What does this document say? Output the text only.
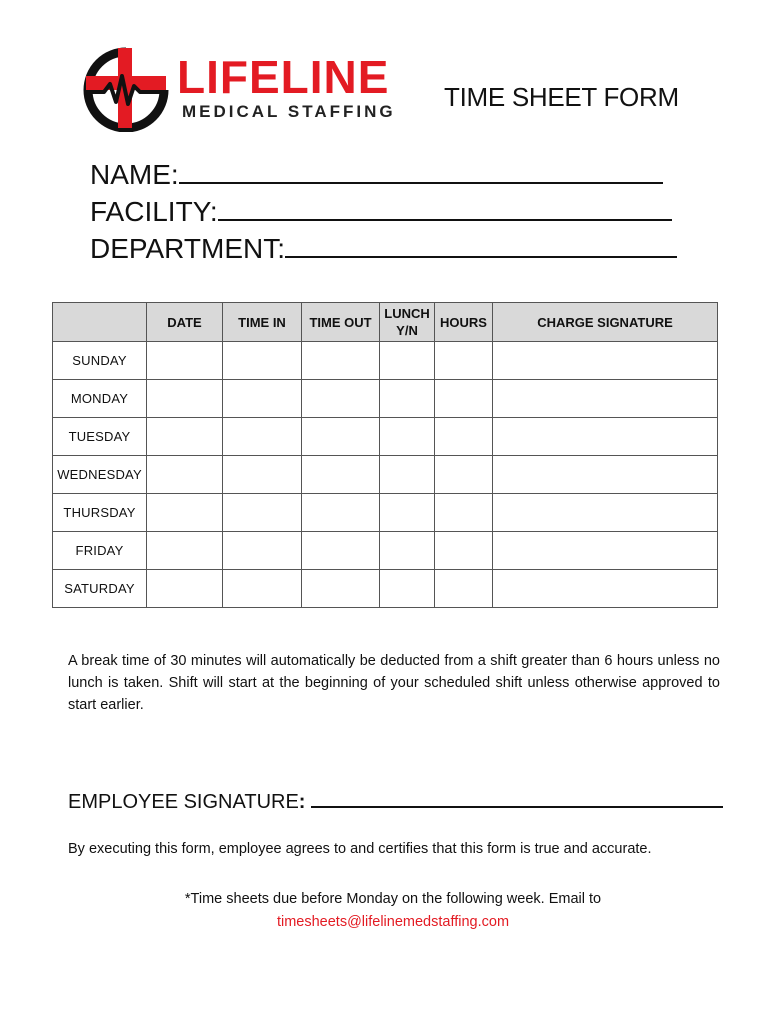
LIFELINE
MEDICAL STAFFING TIME SHEET FORM
NAME:
FACILITY:
DEPARTMENT:
	DATE	TIME IN	TIME OUT	LUNCH Y/N	HOURS	CHARGE SIGNATURE
SUNDAY						
MONDAY						
TUESDAY						
WEDNESDAY						
THURSDAY						
FRIDAY						
SATURDAY						
A break time of 30 minutes will automatically be deducted from a shift greater than 6 hours unless no lunch is taken. Shift will start at the beginning of your scheduled shift unless otherwise approved to start earlier.
EMPLOYEE SIGNATURE :
By executing this form, employee agrees to and certifies that this form is true and accurate.
*Time sheets due before Monday on the following week. Email to
timesheets@lifelinemedstaffing.com
